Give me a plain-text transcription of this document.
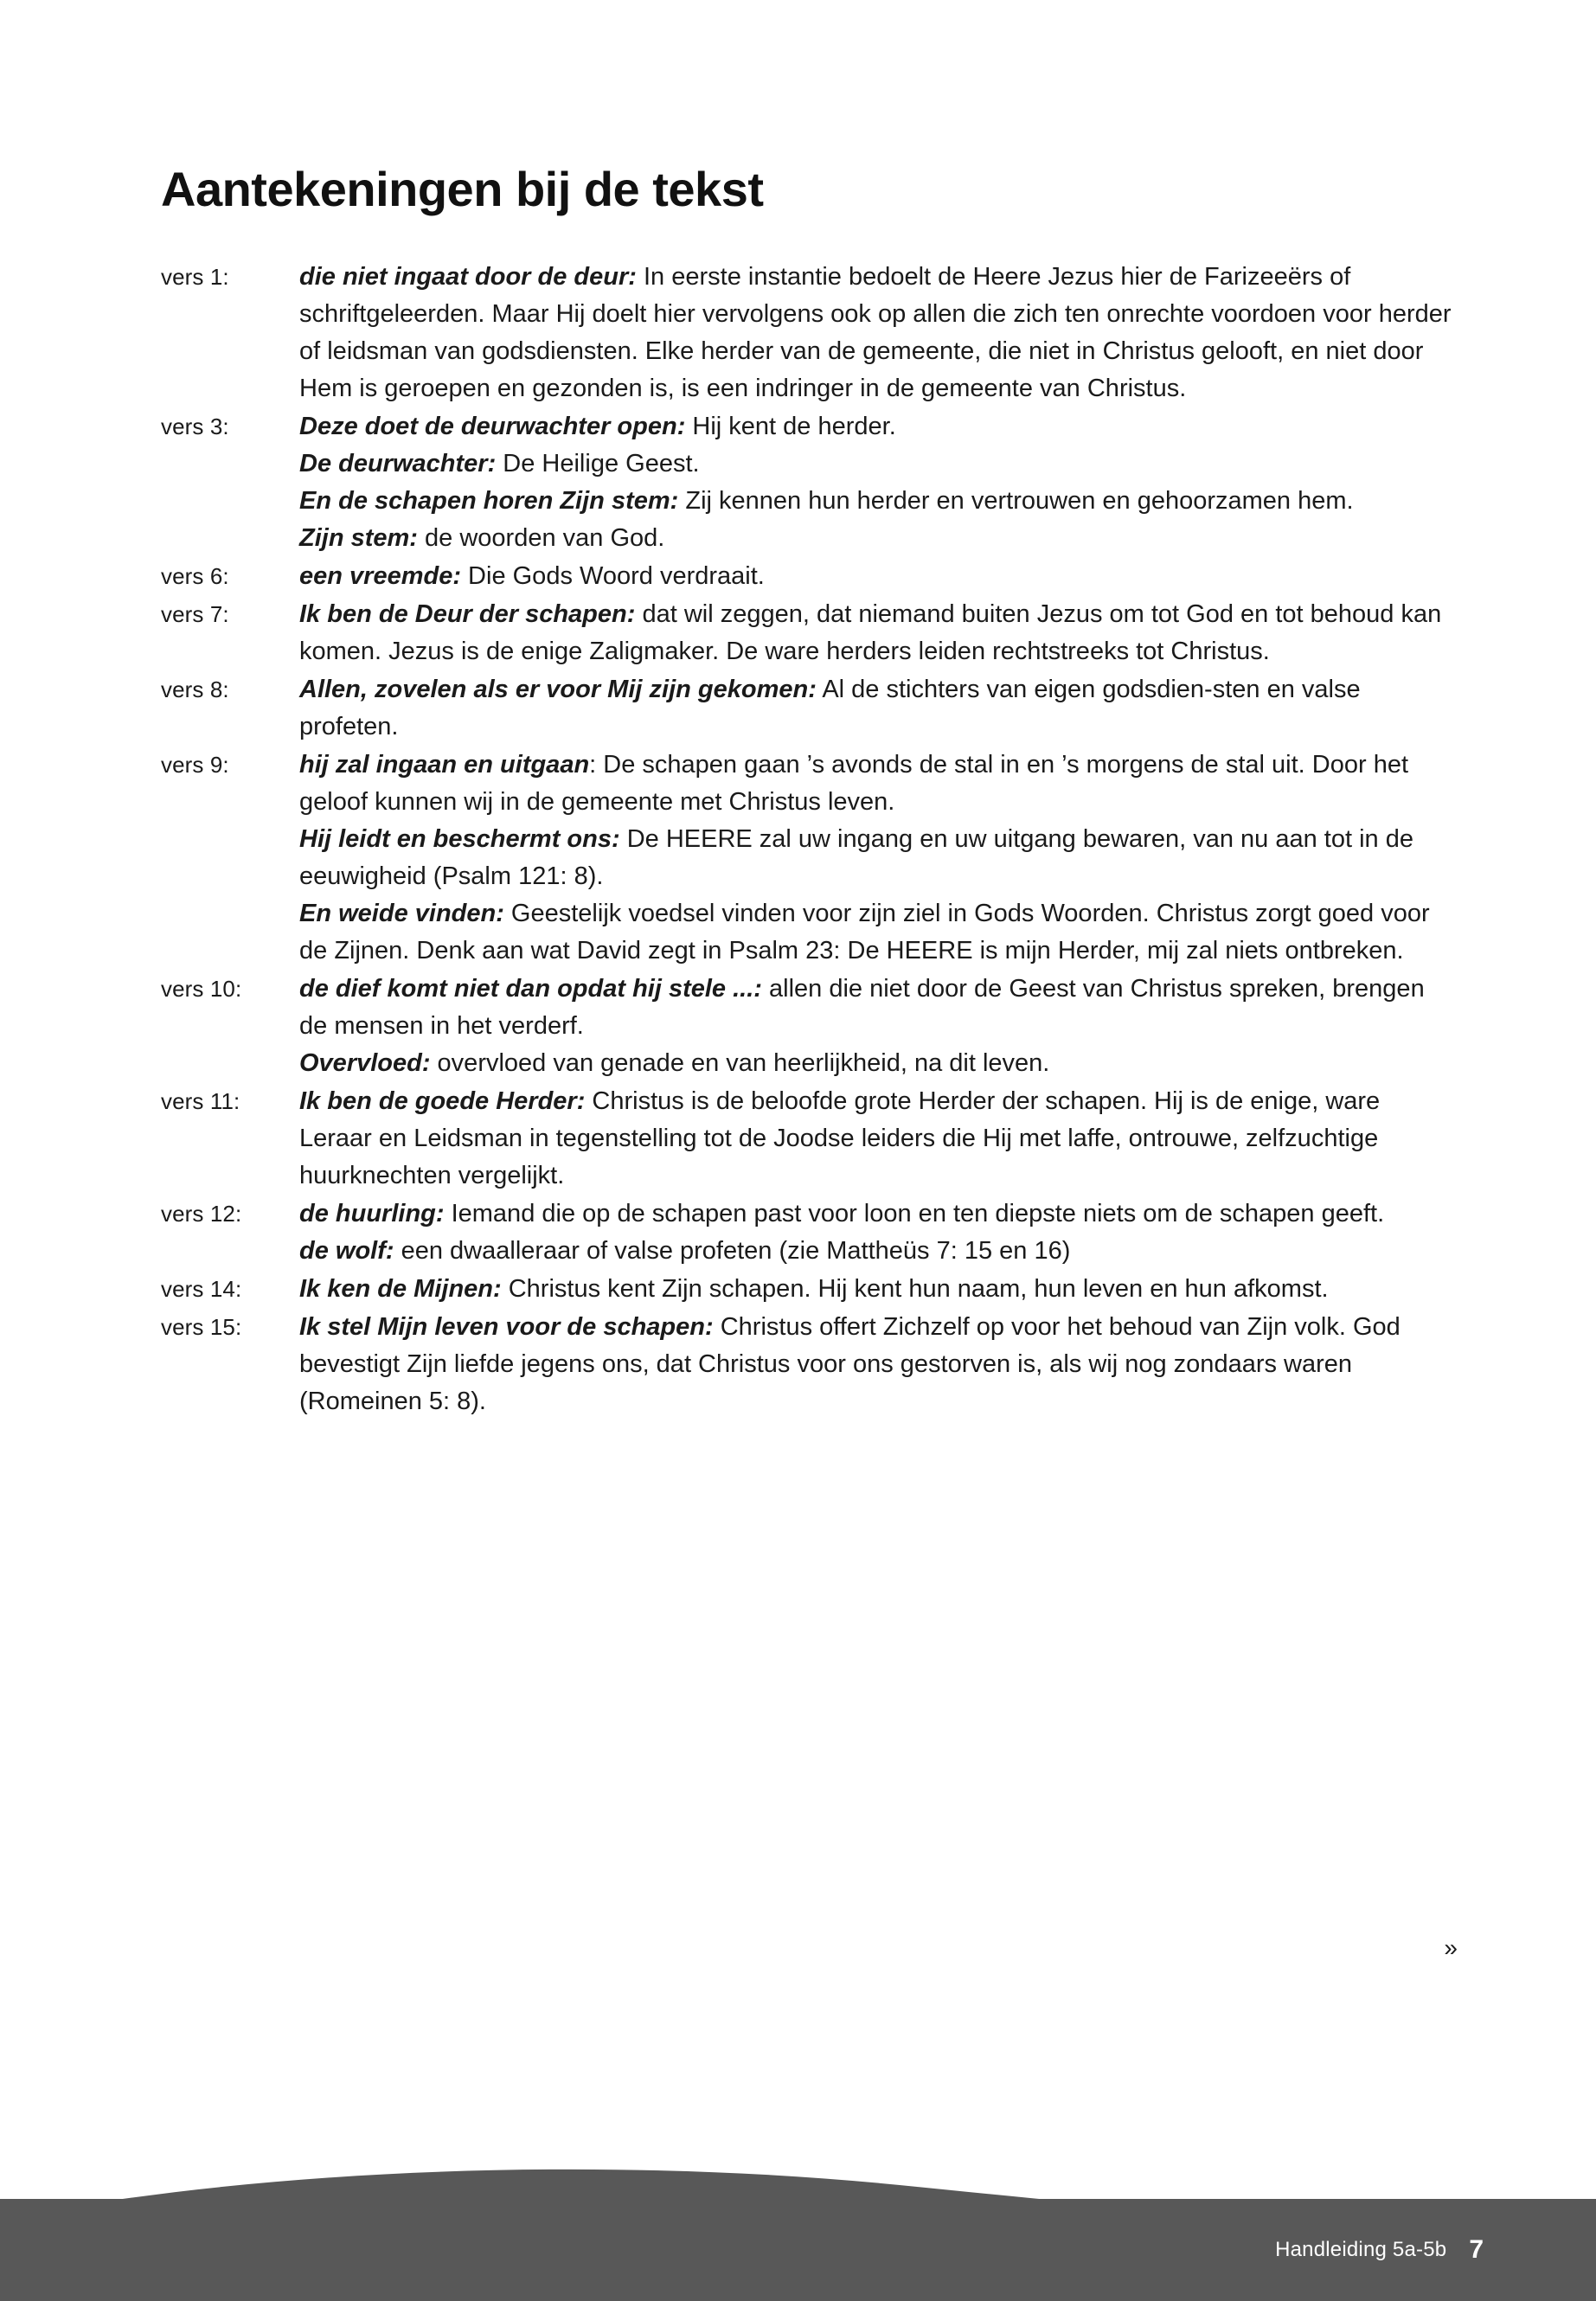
Aantekeningen bij de tekst
vers 1:	die niet ingaat door de deur: In eerste instantie bedoelt de Heere Jezus hier de Farizeeërs of schriftgeleerden. Maar Hij doelt hier vervolgens ook op allen die zich ten onrechte voordoen voor herder of leidsman van godsdiensten. Elke herder van de gemeente, die niet in Christus gelooft, en niet door Hem is geroepen en gezonden is, is een indringer in de gemeente van Christus.

vers 3:	Deze doet de deurwachter open: Hij kent de herder.

De deurwachter: De Heilige Geest.

En de schapen horen Zijn stem: Zij kennen hun herder en vertrouwen en gehoorzamen hem.

Zijn stem: de woorden van God.

vers 6:	een vreemde: Die Gods Woord verdraait.

vers 7:	Ik ben de Deur der schapen: dat wil zeggen, dat niemand buiten Jezus om tot God en tot behoud kan komen. Jezus is de enige Zaligmaker. De ware herders leiden rechtstreeks tot Christus.

vers 8:	Allen, zovelen als er voor Mij zijn gekomen: Al de stichters van eigen godsdien-sten en valse profeten.

vers 9:	hij zal ingaan en uitgaan: De schapen gaan ’s avonds de stal in en ’s morgens de stal uit. Door het geloof kunnen wij in de gemeente met Christus leven.

Hij leidt en beschermt ons: De HEERE zal uw ingang en uw uitgang bewaren, van nu aan tot in de eeuwigheid (Psalm 121: 8).

En weide vinden: Geestelijk voedsel vinden voor zijn ziel in Gods Woorden. Christus zorgt goed voor de Zijnen. Denk aan wat David zegt in Psalm 23: De HEERE is mijn Herder, mij zal niets ontbreken.

vers 10:	de dief komt niet dan opdat hij stele ...: allen die niet door de Geest van Christus spreken, brengen de mensen in het verderf.

Overvloed: overvloed van genade en van heerlijkheid, na dit leven.

vers 11:	Ik ben de goede Herder: Christus is de beloofde grote Herder der schapen. Hij is de enige, ware Leraar en Leidsman in tegenstelling tot de Joodse leiders die Hij met laffe, ontrouwe, zelfzuchtige huurknechten vergelijkt.

vers 12:	de huurling: Iemand die op de schapen past voor loon en ten diepste niets om de schapen geeft.

de wolf: een dwaalleraar of valse profeten (zie Mattheüs 7: 15 en 16)

vers 14:	Ik ken de Mijnen: Christus kent Zijn schapen. Hij kent hun naam, hun leven en hun afkomst.

vers 15:	Ik stel Mijn leven voor de schapen: Christus offert Zichzelf op voor het behoud van Zijn volk. God bevestigt Zijn liefde jegens ons, dat Christus voor ons gestorven is, als wij nog zondaars waren (Romeinen 5: 8).

»
Handleiding 5a-5b 7
